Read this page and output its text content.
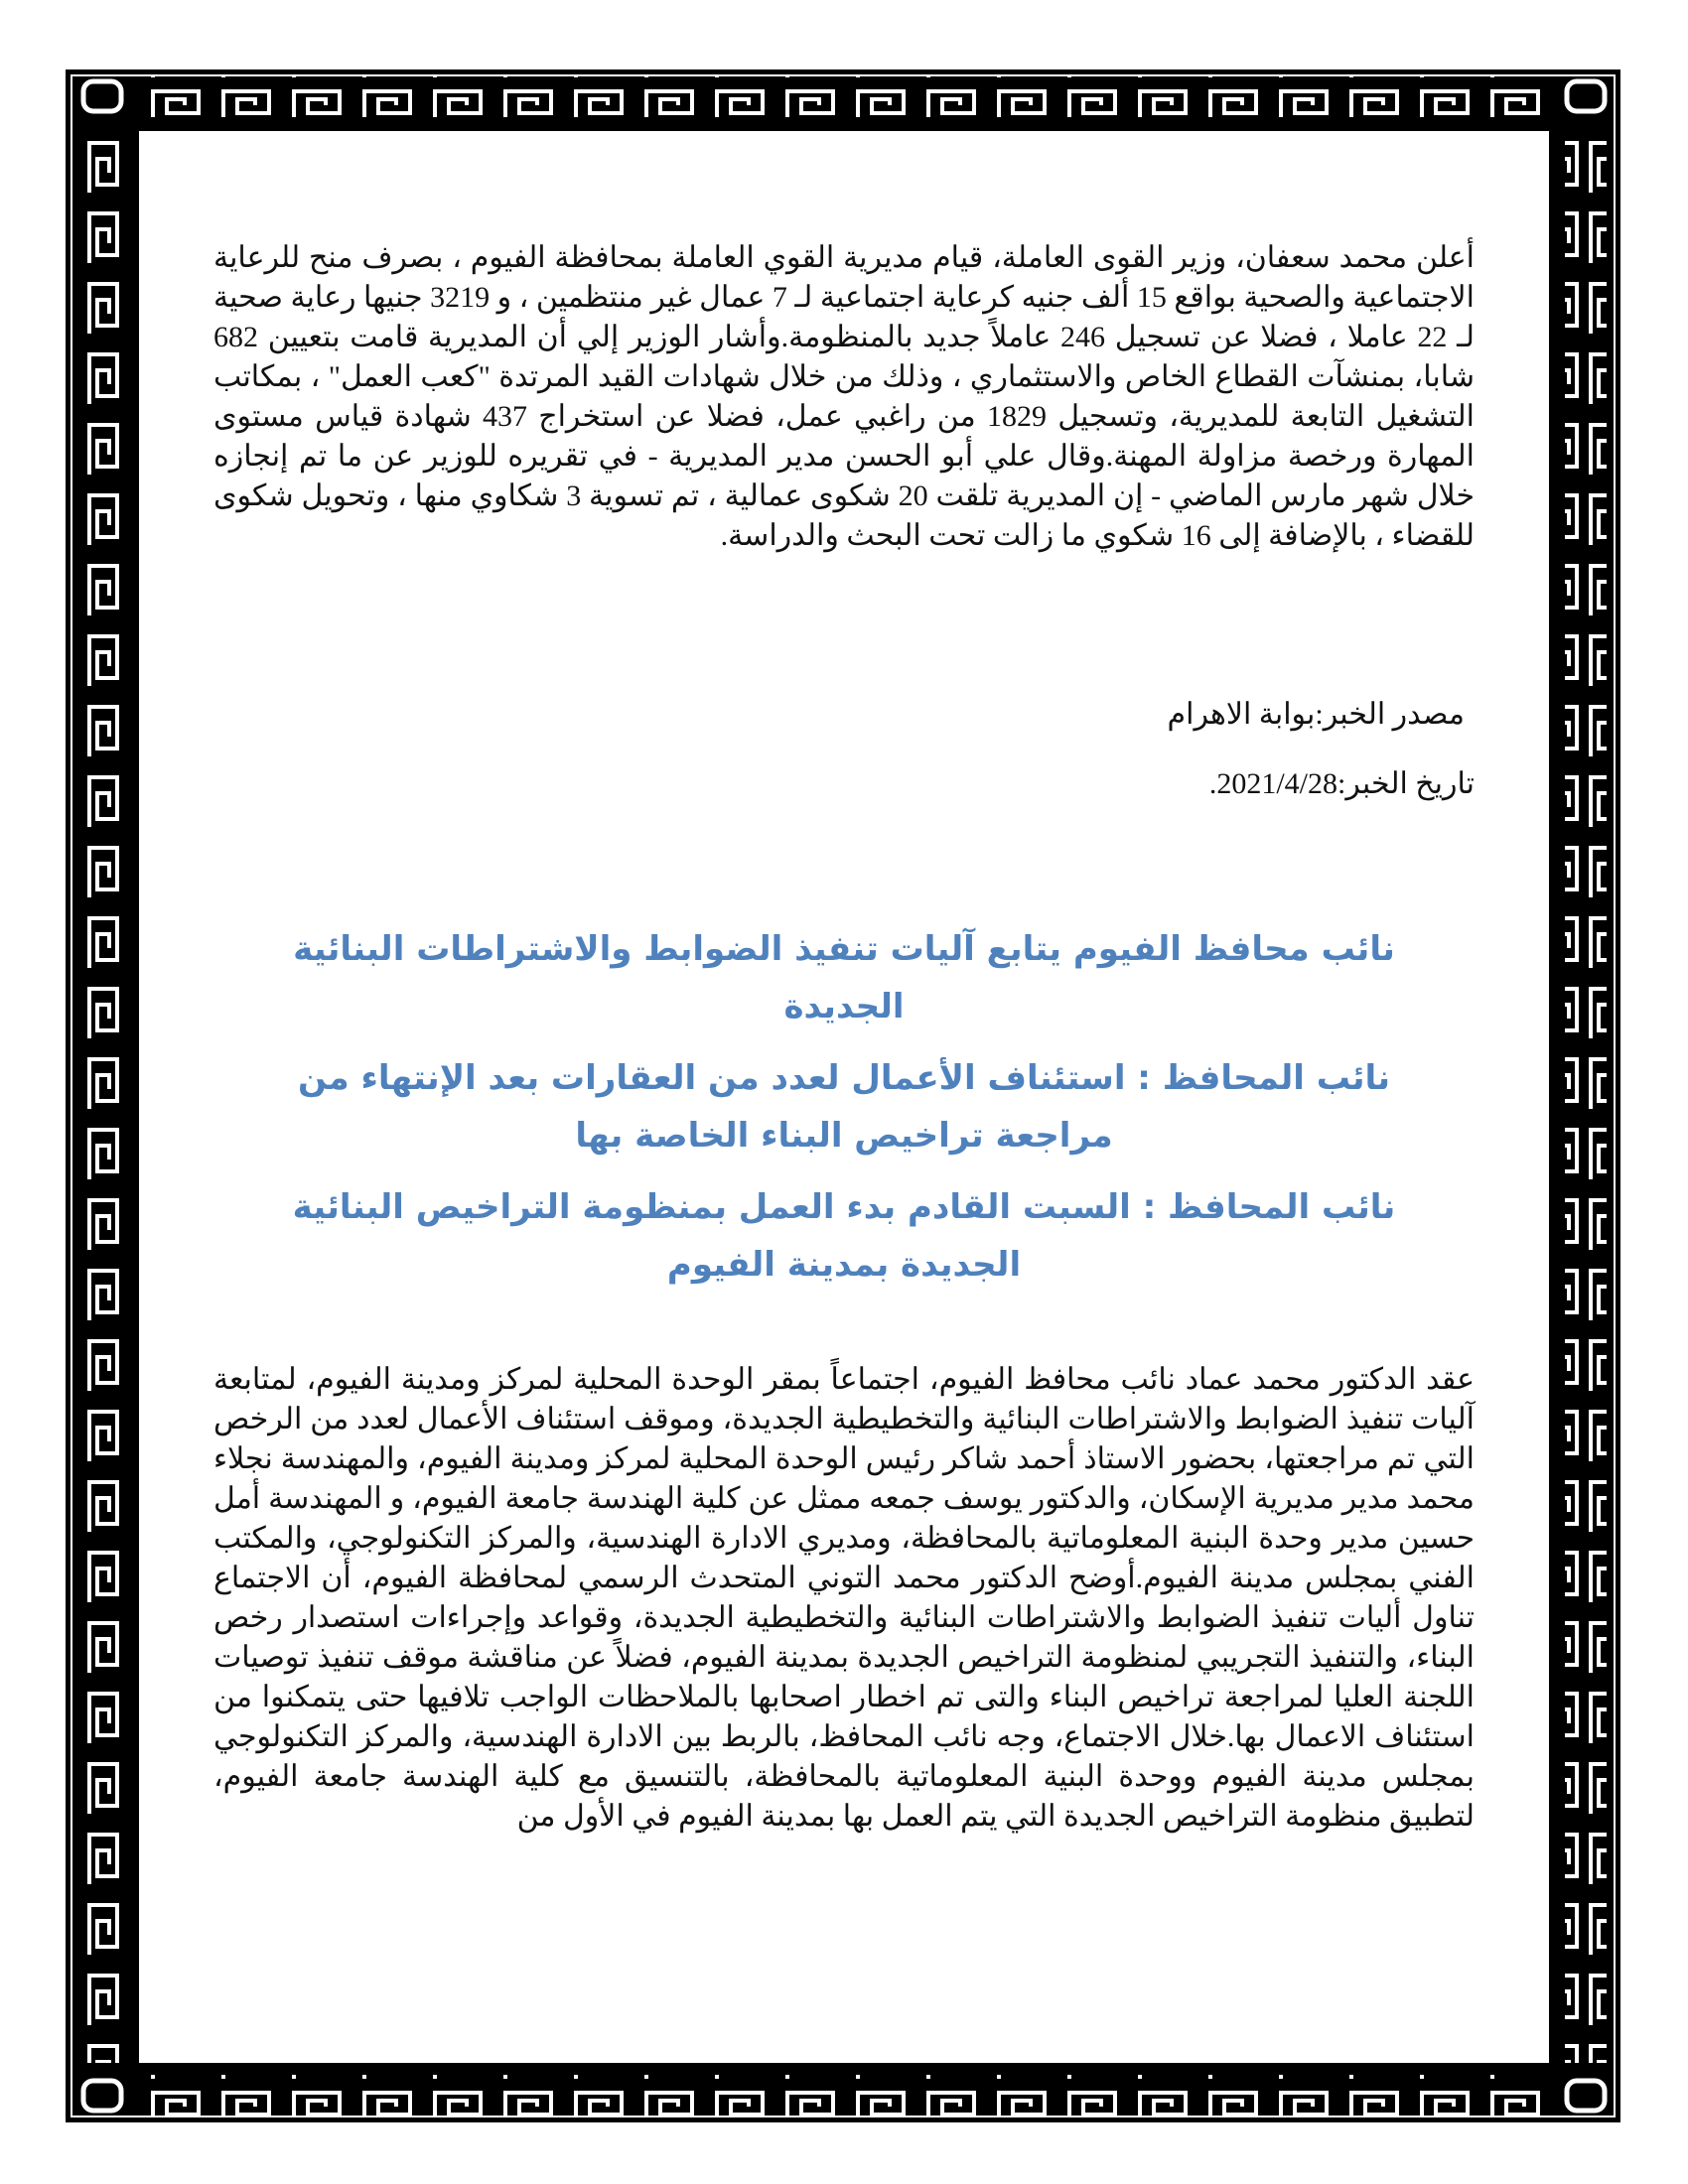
أعلن محمد سعفان، وزير القوى العاملة، قيام مديرية القوي العاملة بمحافظة الفيوم ، بصرف منح للرعاية الاجتماعية والصحية بواقع 15 ألف جنيه كرعاية اجتماعية لـ 7 عمال غير منتظمين ، و 3219 جنيها رعاية صحية لـ 22 عاملا ، فضلا عن تسجيل 246 عاملاً جديد بالمنظومة.وأشار الوزير إلي أن المديرية قامت بتعيين 682 شابا، بمنشآت القطاع الخاص والاستثماري ، وذلك من خلال شهادات القيد المرتدة "كعب العمل" ، بمكاتب التشغيل التابعة للمديرية، وتسجيل 1829 من راغبي عمل، فضلا عن استخراج 437 شهادة قياس مستوى المهارة ورخصة مزاولة المهنة.وقال علي أبو الحسن مدير المديرية - في تقريره للوزير عن ما تم إنجازه خلال شهر مارس الماضي - إن المديرية تلقت 20 شكوى عمالية ، تم تسوية 3 شكاوي منها ، وتحويل شكوى للقضاء ، بالإضافة إلى 16 شكوي ما زالت تحت البحث والدراسة.

مصدر الخبر:بوابة الاهرام

تاريخ الخبر:2021/4/28.

نائب محافظ الفيوم يتابع آليات تنفيذ الضوابط والاشتراطات البنائية الجديدة

نائب المحافظ : استئناف الأعمال لعدد من العقارات بعد الإنتهاء من مراجعة تراخيص البناء الخاصة بها

نائب المحافظ : السبت القادم بدء العمل بمنظومة التراخيص البنائية الجديدة بمدينة الفيوم

عقد الدكتور محمد عماد نائب محافظ الفيوم، اجتماعاً بمقر الوحدة المحلية لمركز ومدينة الفيوم، لمتابعة آليات تنفيذ الضوابط والاشتراطات البنائية والتخطيطية الجديدة، وموقف استئناف الأعمال لعدد من الرخص التي تم مراجعتها، بحضور الاستاذ أحمد شاكر رئيس الوحدة المحلية لمركز ومدينة الفيوم، والمهندسة نجلاء محمد مدير مديرية الإسكان، والدكتور يوسف جمعه ممثل عن كلية الهندسة جامعة الفيوم، و المهندسة أمل حسين مدير وحدة البنية المعلوماتية بالمحافظة، ومديري الادارة الهندسية، والمركز التكنولوجي، والمكتب الفني بمجلس مدينة الفيوم.أوضح الدكتور محمد التوني المتحدث الرسمي لمحافظة الفيوم، أن الاجتماع تناول أليات تنفيذ الضوابط والاشتراطات البنائية والتخطيطية الجديدة، وقواعد وإجراءات استصدار رخص البناء، والتنفيذ التجريبي لمنظومة التراخيص الجديدة بمدينة الفيوم، فضلاً عن مناقشة موقف تنفيذ توصيات اللجنة العليا لمراجعة تراخيص البناء والتى تم اخطار اصحابها بالملاحظات الواجب تلافيها حتى يتمكنوا من استئناف الاعمال بها.خلال الاجتماع، وجه نائب المحافظ، بالربط بين الادارة الهندسية، والمركز التكنولوجي بمجلس مدينة الفيوم ووحدة البنية المعلوماتية بالمحافظة، بالتنسيق مع كلية الهندسة جامعة الفيوم، لتطبيق منظومة التراخيص الجديدة التي يتم العمل بها بمدينة الفيوم في الأول من
